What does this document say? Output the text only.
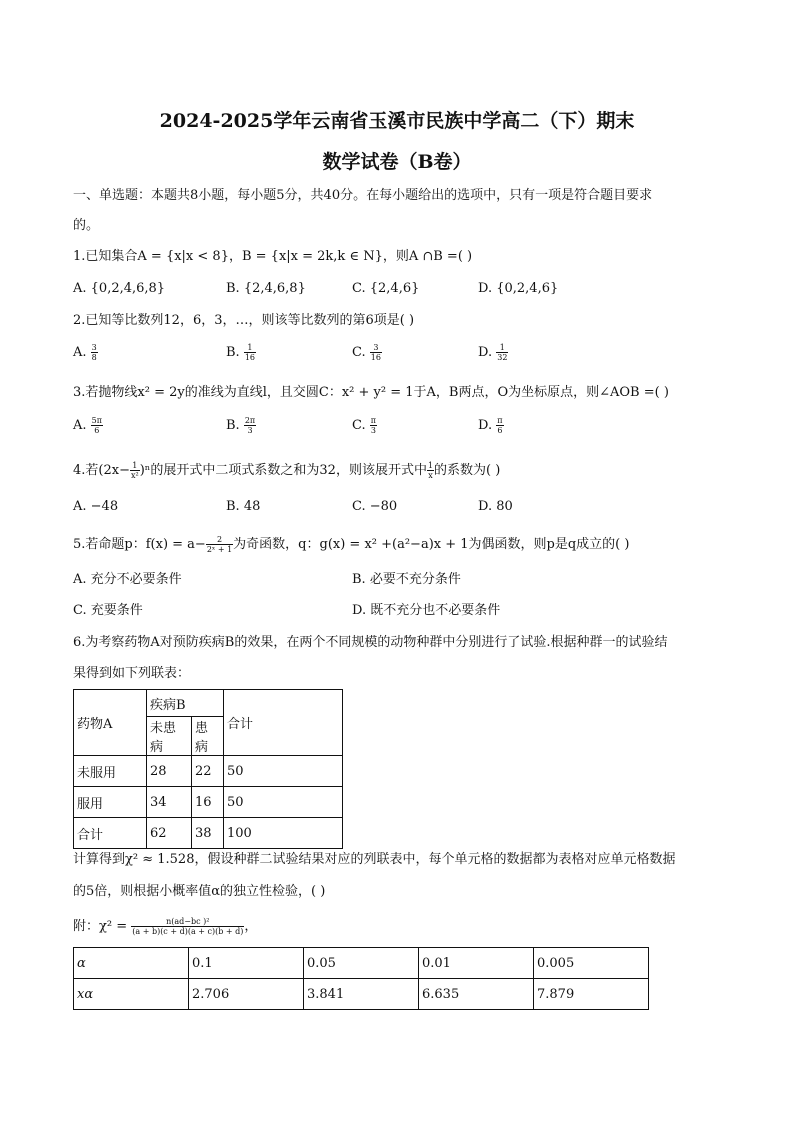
2024-2025学年云南省玉溪市民族中学高二（下）期末
数学试卷（B卷）
一、单选题：本题共8小题，每小题5分，共40分。在每小题给出的选项中，只有一项是符合题目要求
的。
1.已知集合A = {x|x < 8}，B = {x|x = 2k,k ∈ N}，则A ∩B =( )
A. {0,2,4,6,8}	B. {2,4,6,8}	C. {2,4,6}	D. {0,2,4,6}
2.已知等比数列12，6，3，…，则该等比数列的第6项是( )
A. $\frac{3}{8}$	B. $\frac{1}{16}$	C. $\frac{3}{16}$	D. $\frac{1}{32}$
3.若抛物线x² = 2y的准线为直线l，且交圆C：x² + y² = 1于A，B两点，O为坐标原点，则∠AOB =( )
A. $\frac{5\pi}{6}$	B. $\frac{2\pi}{3}$	C. $\frac{\pi}{3}$	D. $\frac{\pi}{6}$
4.若$(2x- \frac{1}{\text{x²}} )^n$的展开式中二项式系数之和为32，则该展开式中 $\frac{1}{x}$ 的系数为( )
A. −48	B. 48	C. −80	D. 80
5.若命题p：$f(x) = a- \frac{2}{\text{2ˣ + 1}}$ 为奇函数，q：g(x) = x² +(a²−a)x + 1为偶函数，则p是q成立的( )
A. 充分不必要条件	B. 必要不充分条件
C. 充要条件	D. 既不充分也不必要条件
6.为考察药物A对预防疾病B的效果，在两个不同规模的动物种群中分别进行了试验.根据种群一的试验结
果得到如下列联表：
药物A	疾病B		合计
	未患病	患病	
未服用	28	22	50
服用	34	16	50
合计	62	38	100
计算得到χ² ≈ 1.528，假设种群二试验结果对应的列联表中，每个单元格的数据都为表格对应单元格数据
的5倍，则根据小概率值α的独立性检验，( )
附：$\chi^2 = \frac{\text{n(ad−bc )²}}{(a + b)(c + d)(a + c)(b + d)}$ ，
α	0.1	0.05	0.01	0.005
xα	2.706	3.841	6.635	7.879
